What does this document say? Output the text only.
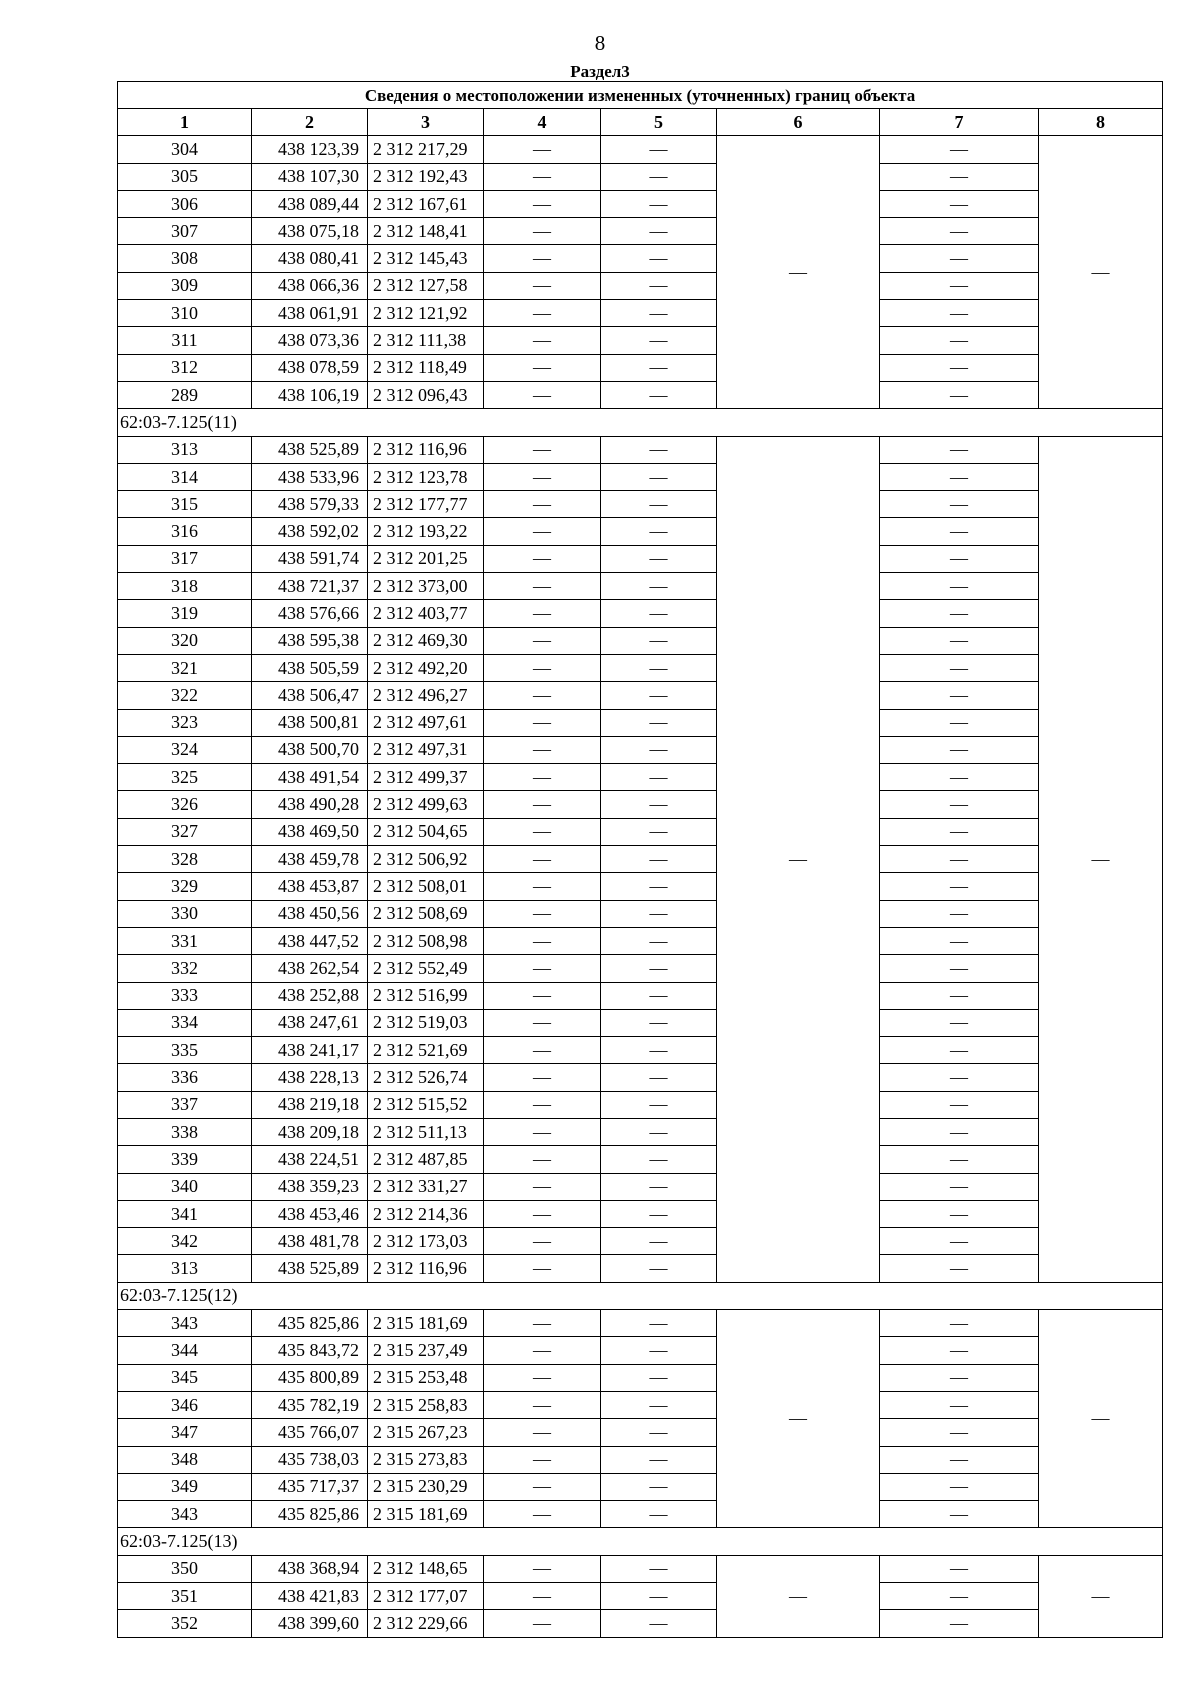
8
Раздел3
Сведения о местоположении измененных (уточненных) границ объекта							
1	2	3	4	5	6	7	8
304	438 123,39	2 312 217,29	—	—	—	—	—
305	438 107,30	2 312 192,43	—	—		—	
306	438 089,44	2 312 167,61	—	—		—	
307	438 075,18	2 312 148,41	—	—		—	
308	438 080,41	2 312 145,43	—	—		—	
309	438 066,36	2 312 127,58	—	—		—	
310	438 061,91	2 312 121,92	—	—		—	
311	438 073,36	2 312 111,38	—	—		—	
312	438 078,59	2 312 118,49	—	—		—	
289	438 106,19	2 312 096,43	—	—		—	
62:03-7.125(11)							
313	438 525,89	2 312 116,96	—	—	—	—	—
314	438 533,96	2 312 123,78	—	—		—	
315	438 579,33	2 312 177,77	—	—		—	
316	438 592,02	2 312 193,22	—	—		—	
317	438 591,74	2 312 201,25	—	—		—	
318	438 721,37	2 312 373,00	—	—		—	
319	438 576,66	2 312 403,77	—	—		—	
320	438 595,38	2 312 469,30	—	—		—	
321	438 505,59	2 312 492,20	—	—		—	
322	438 506,47	2 312 496,27	—	—		—	
323	438 500,81	2 312 497,61	—	—		—	
324	438 500,70	2 312 497,31	—	—		—	
325	438 491,54	2 312 499,37	—	—		—	
326	438 490,28	2 312 499,63	—	—		—	
327	438 469,50	2 312 504,65	—	—		—	
328	438 459,78	2 312 506,92	—	—		—	
329	438 453,87	2 312 508,01	—	—		—	
330	438 450,56	2 312 508,69	—	—		—	
331	438 447,52	2 312 508,98	—	—		—	
332	438 262,54	2 312 552,49	—	—		—	
333	438 252,88	2 312 516,99	—	—		—	
334	438 247,61	2 312 519,03	—	—		—	
335	438 241,17	2 312 521,69	—	—		—	
336	438 228,13	2 312 526,74	—	—		—	
337	438 219,18	2 312 515,52	—	—		—	
338	438 209,18	2 312 511,13	—	—		—	
339	438 224,51	2 312 487,85	—	—		—	
340	438 359,23	2 312 331,27	—	—		—	
341	438 453,46	2 312 214,36	—	—		—	
342	438 481,78	2 312 173,03	—	—		—	
313	438 525,89	2 312 116,96	—	—		—	
62:03-7.125(12)							
343	435 825,86	2 315 181,69	—	—	—	—	—
344	435 843,72	2 315 237,49	—	—		—	
345	435 800,89	2 315 253,48	—	—		—	
346	435 782,19	2 315 258,83	—	—		—	
347	435 766,07	2 315 267,23	—	—		—	
348	435 738,03	2 315 273,83	—	—		—	
349	435 717,37	2 315 230,29	—	—		—	
343	435 825,86	2 315 181,69	—	—		—	
62:03-7.125(13)							
350	438 368,94	2 312 148,65	—	—	—	—	—
351	438 421,83	2 312 177,07	—	—		—	
352	438 399,60	2 312 229,66	—	—		—	
